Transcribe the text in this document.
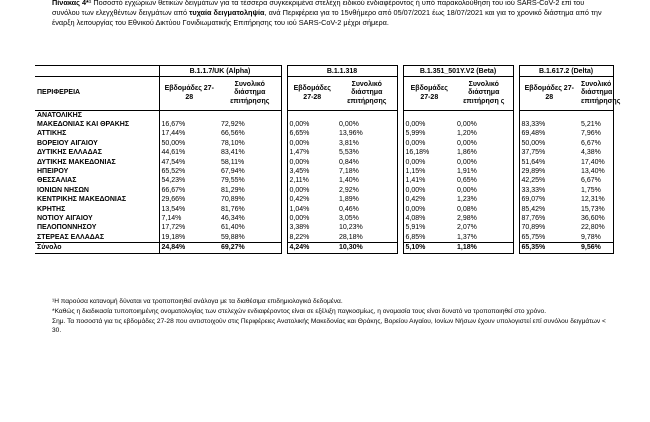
Πίνακας 4*¹ Ποσοστό εγχώριων θετικών δειγμάτων για τα τέσσερα συγκεκριμένα στελέχη ειδικού ενδιαφέροντος ή υπό παρακολούθηση του ιού SARS-CoV-2 επί του συνόλου των ελεγχθέντων δειγμάτων από τυχαία δειγματοληψία, ανά Περιφέρεια για το 15νθήμερο από 05/07/2021 έως 18/07/2021 και για το χρονικό διάστημα από την έναρξη λειτουργίας του Εθνικού Δικτύου Γονιδιωματικής Επιτήρησης του ιού SARS-CoV-2 μέχρι σήμερα.

	B.1.1.7/UK (Alpha)			B.1.1.318			B.1.351_501Y.V2 (Beta)			B.1.617.2 (Delta)	
ΠΕΡΙΦΕΡΕΙΑ	Εβδομάδες 27-28	Συνολικό διάστημα επιτήρησης		Εβδομάδες 27-28	Συνολικό διάστημα επιτήρησης		Εβδομάδες 27-28	Συνολικό διάστημα επιτήρηση ς		Εβδομάδες 27-28	Συνολικό διάστημα επιτήρησης
ΑΝΑΤΟΛΙΚΗΣ											
ΜΑΚΕΔΟΝΙΑΣ ΚΑΙ ΘΡΑΚΗΣ	16,67%	72,92%		0,00%	0,00%		0,00%	0,00%		83,33%	5,21%
ΑΤΤΙΚΗΣ	17,44%	66,56%		6,65%	13,96%		5,99%	1,20%		69,48%	7,96%
ΒΟΡΕΙΟΥ ΑΙΓΑΙΟΥ	50,00%	78,10%		0,00%	3,81%		0,00%	0,00%		50,00%	6,67%
ΔΥΤΙΚΗΣ ΕΛΛΑΔΑΣ	44,61%	83,41%		1,47%	5,53%		16,18%	1,86%		37,75%	4,38%
ΔΥΤΙΚΗΣ ΜΑΚΕΔΟΝΙΑΣ	47,54%	58,11%		0,00%	0,84%		0,00%	0,00%		51,64%	17,40%
ΗΠΕΙΡΟΥ	65,52%	67,94%		3,45%	7,18%		1,15%	1,91%		29,89%	13,40%
ΘΕΣΣΑΛΙΑΣ	54,23%	79,55%		2,11%	1,40%		1,41%	0,65%		42,25%	6,67%
ΙΟΝΙΩΝ ΝΗΣΩΝ	66,67%	81,29%		0,00%	2,92%		0,00%	0,00%		33,33%	1,75%
ΚΕΝΤΡΙΚΗΣ ΜΑΚΕΔΟΝΙΑΣ	29,66%	70,89%		0,42%	1,89%		0,42%	1,23%		69,07%	12,31%
ΚΡΗΤΗΣ	13,54%	81,76%		1,04%	0,46%		0,00%	0,08%		85,42%	15,73%
ΝΟΤΙΟΥ ΑΙΓΑΙΟΥ	7,14%	46,34%		0,00%	3,05%		4,08%	2,98%		87,76%	36,60%
ΠΕΛΟΠΟΝΝΗΣΟΥ	17,72%	61,40%		3,38%	10,23%		5,91%	2,07%		70,89%	22,80%
ΣΤΕΡΕΑΣ ΕΛΛΑΔΑΣ	19,18%	59,88%		8,22%	28,18%		6,85%	1,37%		65,75%	9,78%
Σύνολο	24,84%	69,27%		4,24%	10,30%		5,10%	1,18%		65,35%	9,56%

¹Η παρούσα κατανομή δύναται να τροποποιηθεί ανάλογα με τα διαθέσιμα επιδημιολογικά δεδομένα.

*Καθώς η διαδικασία τυποποιημένης ονοματολογίας των στελεχών ενδιαφέροντος είναι σε εξέλιξη παγκοσμίως, η ονομασία τους είναι δυνατό να τροποποιηθεί στο χρόνο.

Σημ. Τα ποσοστά για τις εβδομάδες 27-28 που αντιστοιχούν στις Περιφέρειες Ανατολικής Μακεδονίας και Θράκης, Βορείου Αιγαίου, Ιονίων Νήσων έχουν υπολογιστεί επί συνόλου δειγμάτων < 30.
